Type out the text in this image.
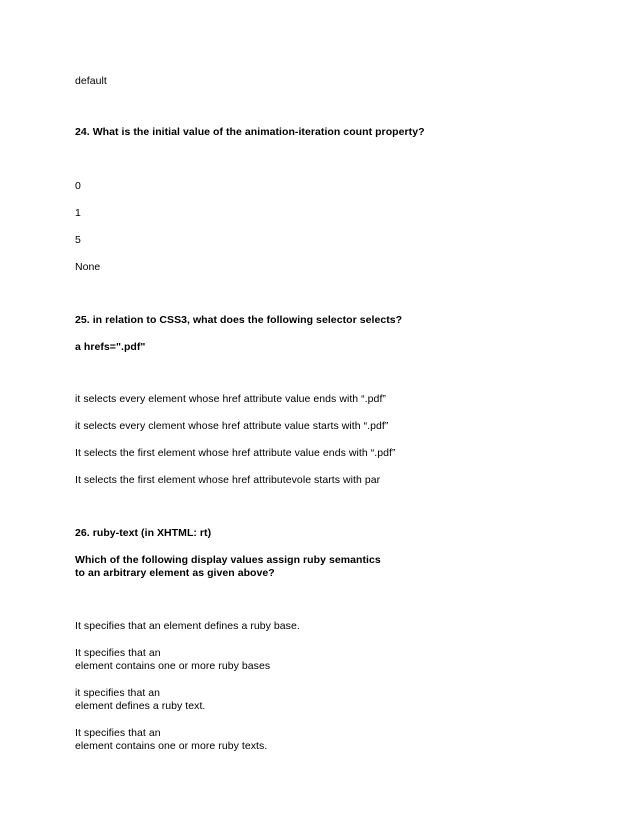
default
24. What is the initial value of the animation-iteration count property?
0
1
5
None
25. in relation to CSS3, what does the following selector selects?
a hrefs=".pdf"
it selects every element whose href attribute value ends with “.pdf”
it selects every clement whose href attribute value starts with “.pdf”
It selects the first element whose href attribute value ends with “.pdf”
It selects the first element whose href attributevole starts with par
26. ruby-text (in XHTML: rt)
Which of the following display values assign ruby semantics
to an arbitrary element as given above?
It specifies that an element defines a ruby base.
It specifies that an
element contains one or more ruby bases
it specifies that an
element defines a ruby text.
It specifies that an
element contains one or more ruby texts.
